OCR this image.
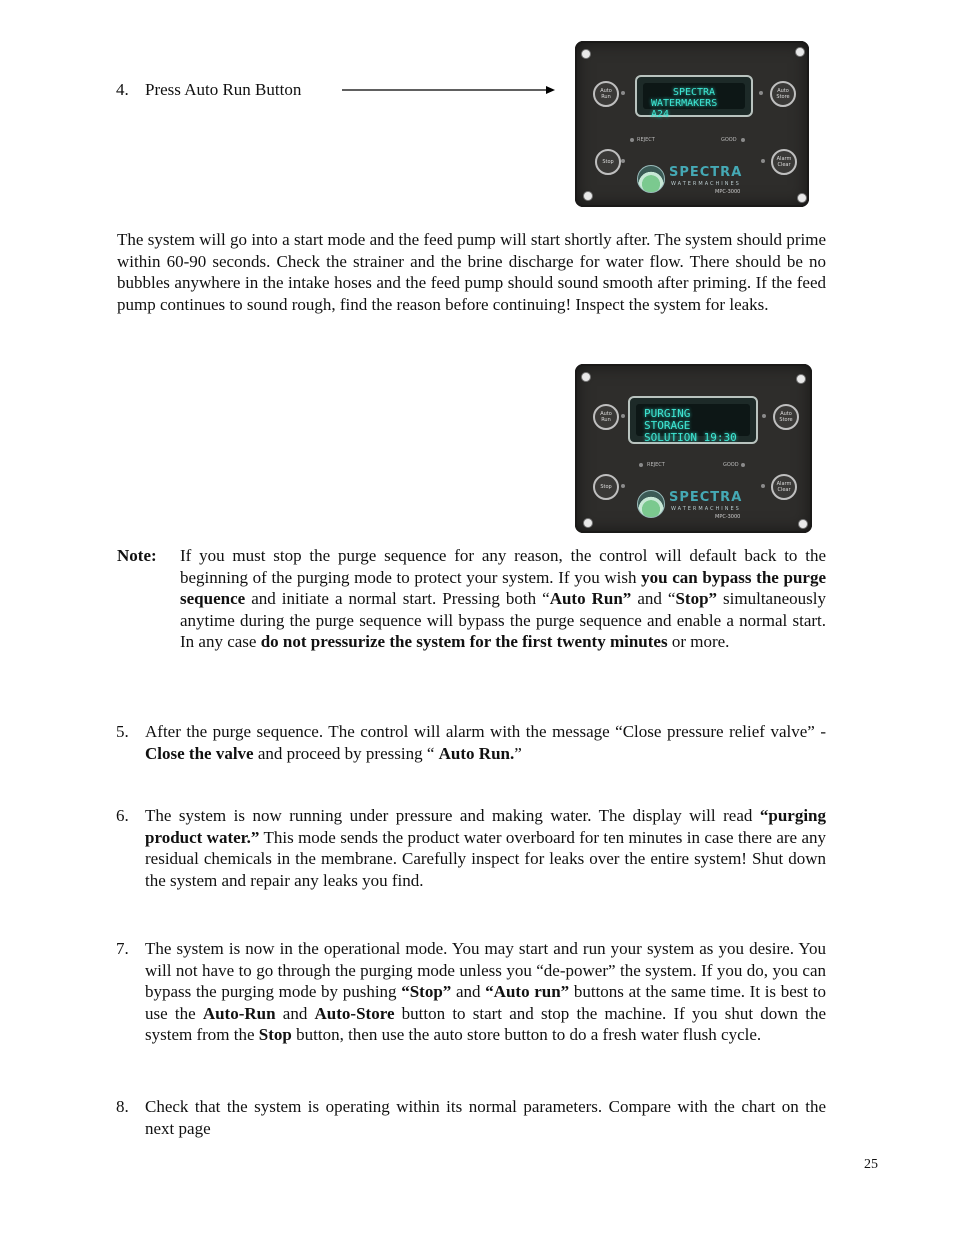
4. Press Auto Run Button	Auto
Run
Auto
Store
SPECTRA
WATERMAKERS A24
REJECT	GOOD
Stop	Alarm
Clear
SPECTRA
WATERMACHINES
MPC-3000
The system will go into a start mode and the feed pump will start shortly after. The system should prime within 60-90 seconds. Check the strainer and the brine discharge for water flow. There should be no bubbles anywhere in the intake hoses and the feed pump should sound smooth after priming. If the feed pump continues to sound rough, find the reason before continuing! Inspect the system for leaks.
Auto
Run
Auto
Store
PURGING STORAGE
SOLUTION 19:30
REJECT	GOOD
Stop	Alarm
Clear
SPECTRA
WATERMACHINES
MPC-3000
Note: If you must stop the purge sequence for any reason, the control will default back to the beginning of the purging mode to protect your system. If you wish you can bypass the purge sequence and initiate a normal start. Pressing both “Auto Run” and “Stop” simultaneously anytime during the purge sequence will bypass the purge sequence and enable a normal start. In any case do not pressurize the system for the first twenty minutes or more.
5. After the purge sequence. The control will alarm with the message “Close pressure relief valve” - Close the valve and proceed by pressing “ Auto Run.”
6. The system is now running under pressure and making water. The display will read “purging product water.” This mode sends the product water overboard for ten minutes in case there are any residual chemicals in the membrane. Carefully inspect for leaks over the entire system! Shut down the system and repair any leaks you find.
7. The system is now in the operational mode. You may start and run your system as you desire. You will not have to go through the purging mode unless you “de-power” the system. If you do, you can bypass the purging mode by pushing “Stop” and “Auto run” buttons at the same time. It is best to use the Auto-Run and Auto-Store button to start and stop the machine. If you shut down the system from the Stop button, then use the auto store button to do a fresh water flush cycle.
8. Check that the system is operating within its normal parameters. Compare with the chart on the next page
25
